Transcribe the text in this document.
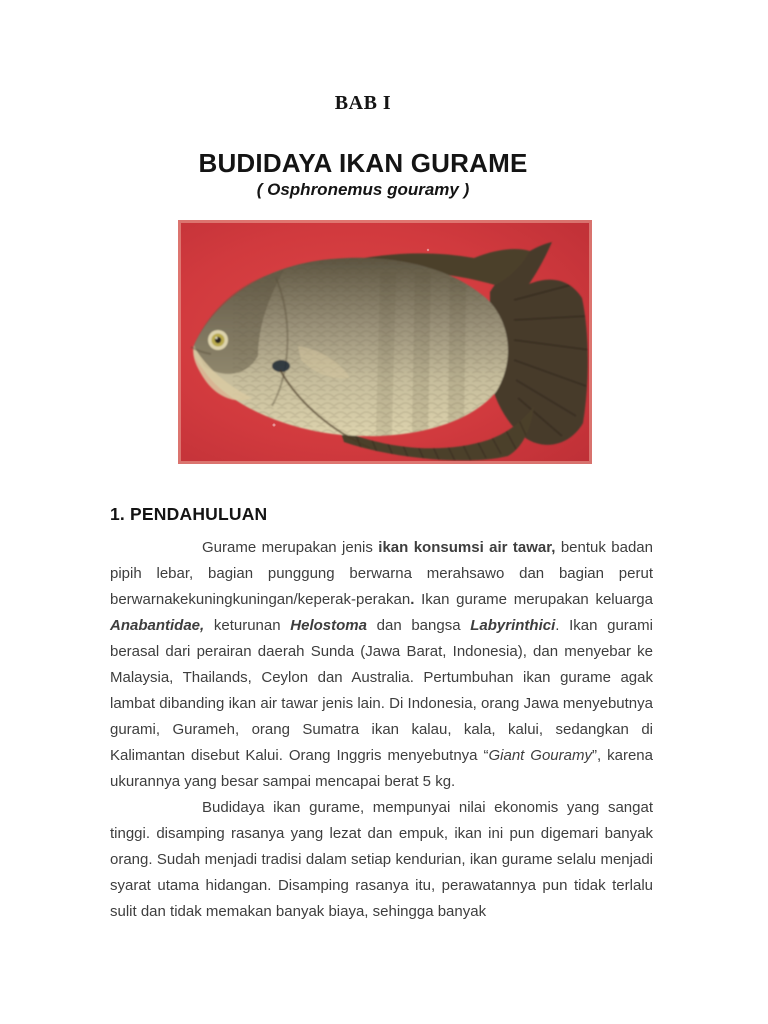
BAB I
BUDIDAYA IKAN GURAME
( Osphronemus gouramy )
1. PENDAHULUAN

Gurame merupakan jenis ikan konsumsi air tawar, bentuk badan pipih lebar, bagian punggung berwarna merahsawo dan bagian perut berwarnakekuningkuningan/keperak-perakan. Ikan gurame merupakan keluarga Anabantidae, keturunan Helostoma dan bangsa Labyrinthici. Ikan gurami berasal dari perairan daerah Sunda (Jawa Barat, Indonesia), dan menyebar ke Malaysia, Thailands, Ceylon dan Australia. Pertumbuhan ikan gurame agak lambat dibanding ikan air tawar jenis lain. Di Indonesia, orang Jawa menyebutnya gurami, Gurameh, orang Sumatra ikan kalau, kala, kalui, sedangkan di Kalimantan disebut Kalui. Orang Inggris menyebutnya “Giant Gouramy”, karena ukurannya yang besar sampai mencapai berat 5 kg.

Budidaya ikan gurame, mempunyai nilai ekonomis yang sangat tinggi. disamping rasanya yang lezat dan empuk, ikan ini pun digemari banyak orang. Sudah menjadi tradisi dalam setiap kendurian, ikan gurame selalu menjadi syarat utama hidangan. Disamping rasanya itu, perawatannya pun tidak terlalu sulit dan tidak memakan banyak biaya, sehingga banyak
